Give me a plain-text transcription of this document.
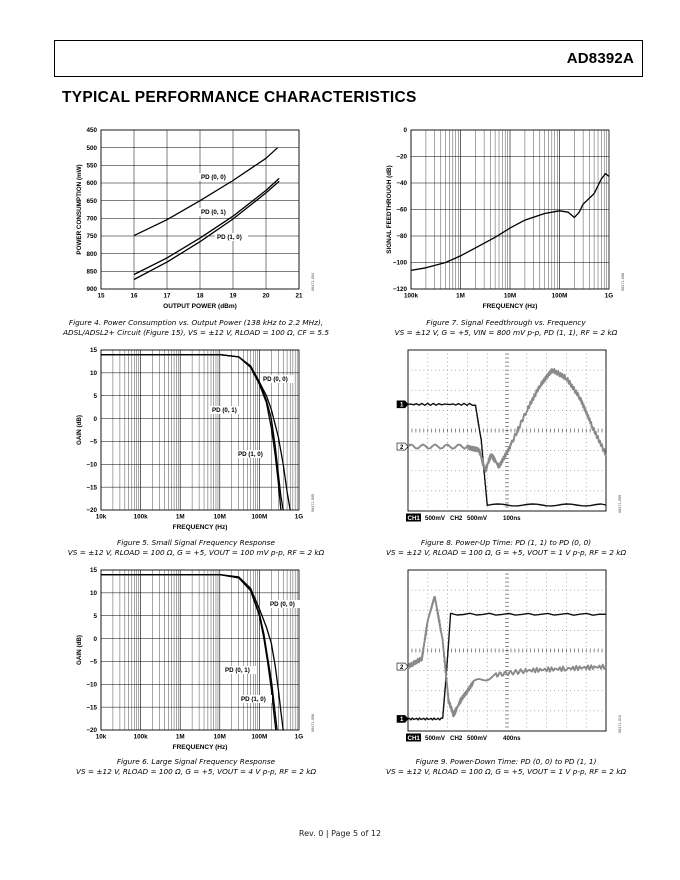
AD8392A
TYPICAL PERFORMANCE CHARACTERISTICS
15	16	17	18	19	20	21
450
500
550
600
650
700
750
800
850
900
OUTPUT POWER (dBm)
POWER CONSUMPTION (mW)	PD (0, 0)
PD (0, 1)
PD (1, 0)
06471-004
Figure 4. Power Consumption vs. Output Power (138 kHz to 2.2 MHz),
ADSL/ADSL2+ Circuit (Figure 15), VS = ±12 V, RLOAD = 100 Ω, CF = 5.5
100k	1M	10M	100M	1G
0
−20
−40
−60
−80
−100
−120
FREQUENCY (Hz)
SIGNAL FEEDTHROUGH (dB)
06471-008
Figure 7. Signal Feedthrough vs. Frequency
VS = ±12 V, G = +5, VIN = 800 mV p-p, PD (1, 1), RF = 2 kΩ
10k	100k	1M	10M	100M	1G
15
10
5
0
−5
−10
−15
−20
FREQUENCY (Hz)
GAIN (dB)
PD (0, 0)
PD (0, 1)
PD (1, 0)
06471-005
Figure 5. Small Signal Frequency Response
VS = ±12 V, RLOAD = 100 Ω, G = +5, VOUT = 100 mV p-p, RF = 2 kΩ
2
1
CH1 500mV CH2 500mV	100ns
06471-009
Figure 8. Power-Up Time: PD (1, 1) to PD (0, 0)
VS = ±12 V, RLOAD = 100 Ω, G = +5, VOUT = 1 V p-p, RF = 2 kΩ
10k	100k	1M	10M	100M	1G
15
10
5
0
−5
−10
−15
−20
FREQUENCY (Hz)
GAIN (dB)
PD (0, 0)
PD (0, 1)
PD (1, 0)
06471-006
Figure 6. Large Signal Frequency Response
VS = ±12 V, RLOAD = 100 Ω, G = +5, VOUT = 4 V p-p, RF = 2 kΩ
2
1
CH1 500mV CH2 500mV	400ns
06471-010
Figure 9. Power-Down Time: PD (0, 0) to PD (1, 1)
VS = ±12 V, RLOAD = 100 Ω, G = +5, VOUT = 1 V p-p, RF = 2 kΩ
Rev. 0 | Page 5 of 12
